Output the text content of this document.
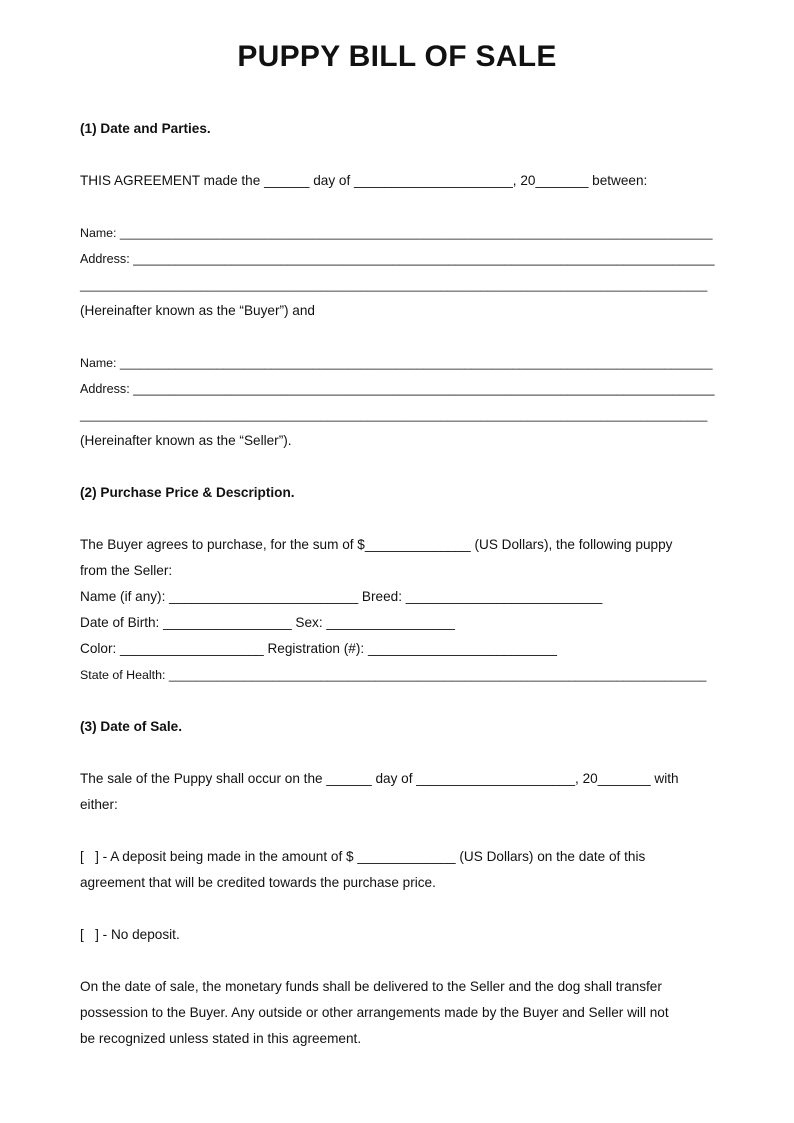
PUPPY BILL OF SALE
(1) Date and Parties.
THIS AGREEMENT made the ______ day of _____________________, 20_______ between:
Name: ______________________________________________________________________________________
Address: ___________________________________________________________________________________
______________________________________________________________________________________________
(Hereinafter known as the “Buyer”) and
Name: ______________________________________________________________________________________
Address: ___________________________________________________________________________________
______________________________________________________________________________________________
(Hereinafter known as the “Seller”).
(2) Purchase Price & Description.
The Buyer agrees to purchase, for the sum of $______________ (US Dollars), the following puppy
from the Seller:
Name (if any): _________________________ Breed: __________________________
Date of Birth: _________________ Sex: _________________
Color: ___________________ Registration (#): _________________________
State of Health: ______________________________________________________________________________
(3) Date of Sale.
The sale of the Puppy shall occur on the ______ day of _____________________, 20_______ with
either:
[   ] - A deposit being made in the amount of $ _____________ (US Dollars) on the date of this
agreement that will be credited towards the purchase price.
[   ] - No deposit.
On the date of sale, the monetary funds shall be delivered to the Seller and the dog shall transfer
possession to the Buyer. Any outside or other arrangements made by the Buyer and Seller will not
be recognized unless stated in this agreement.
